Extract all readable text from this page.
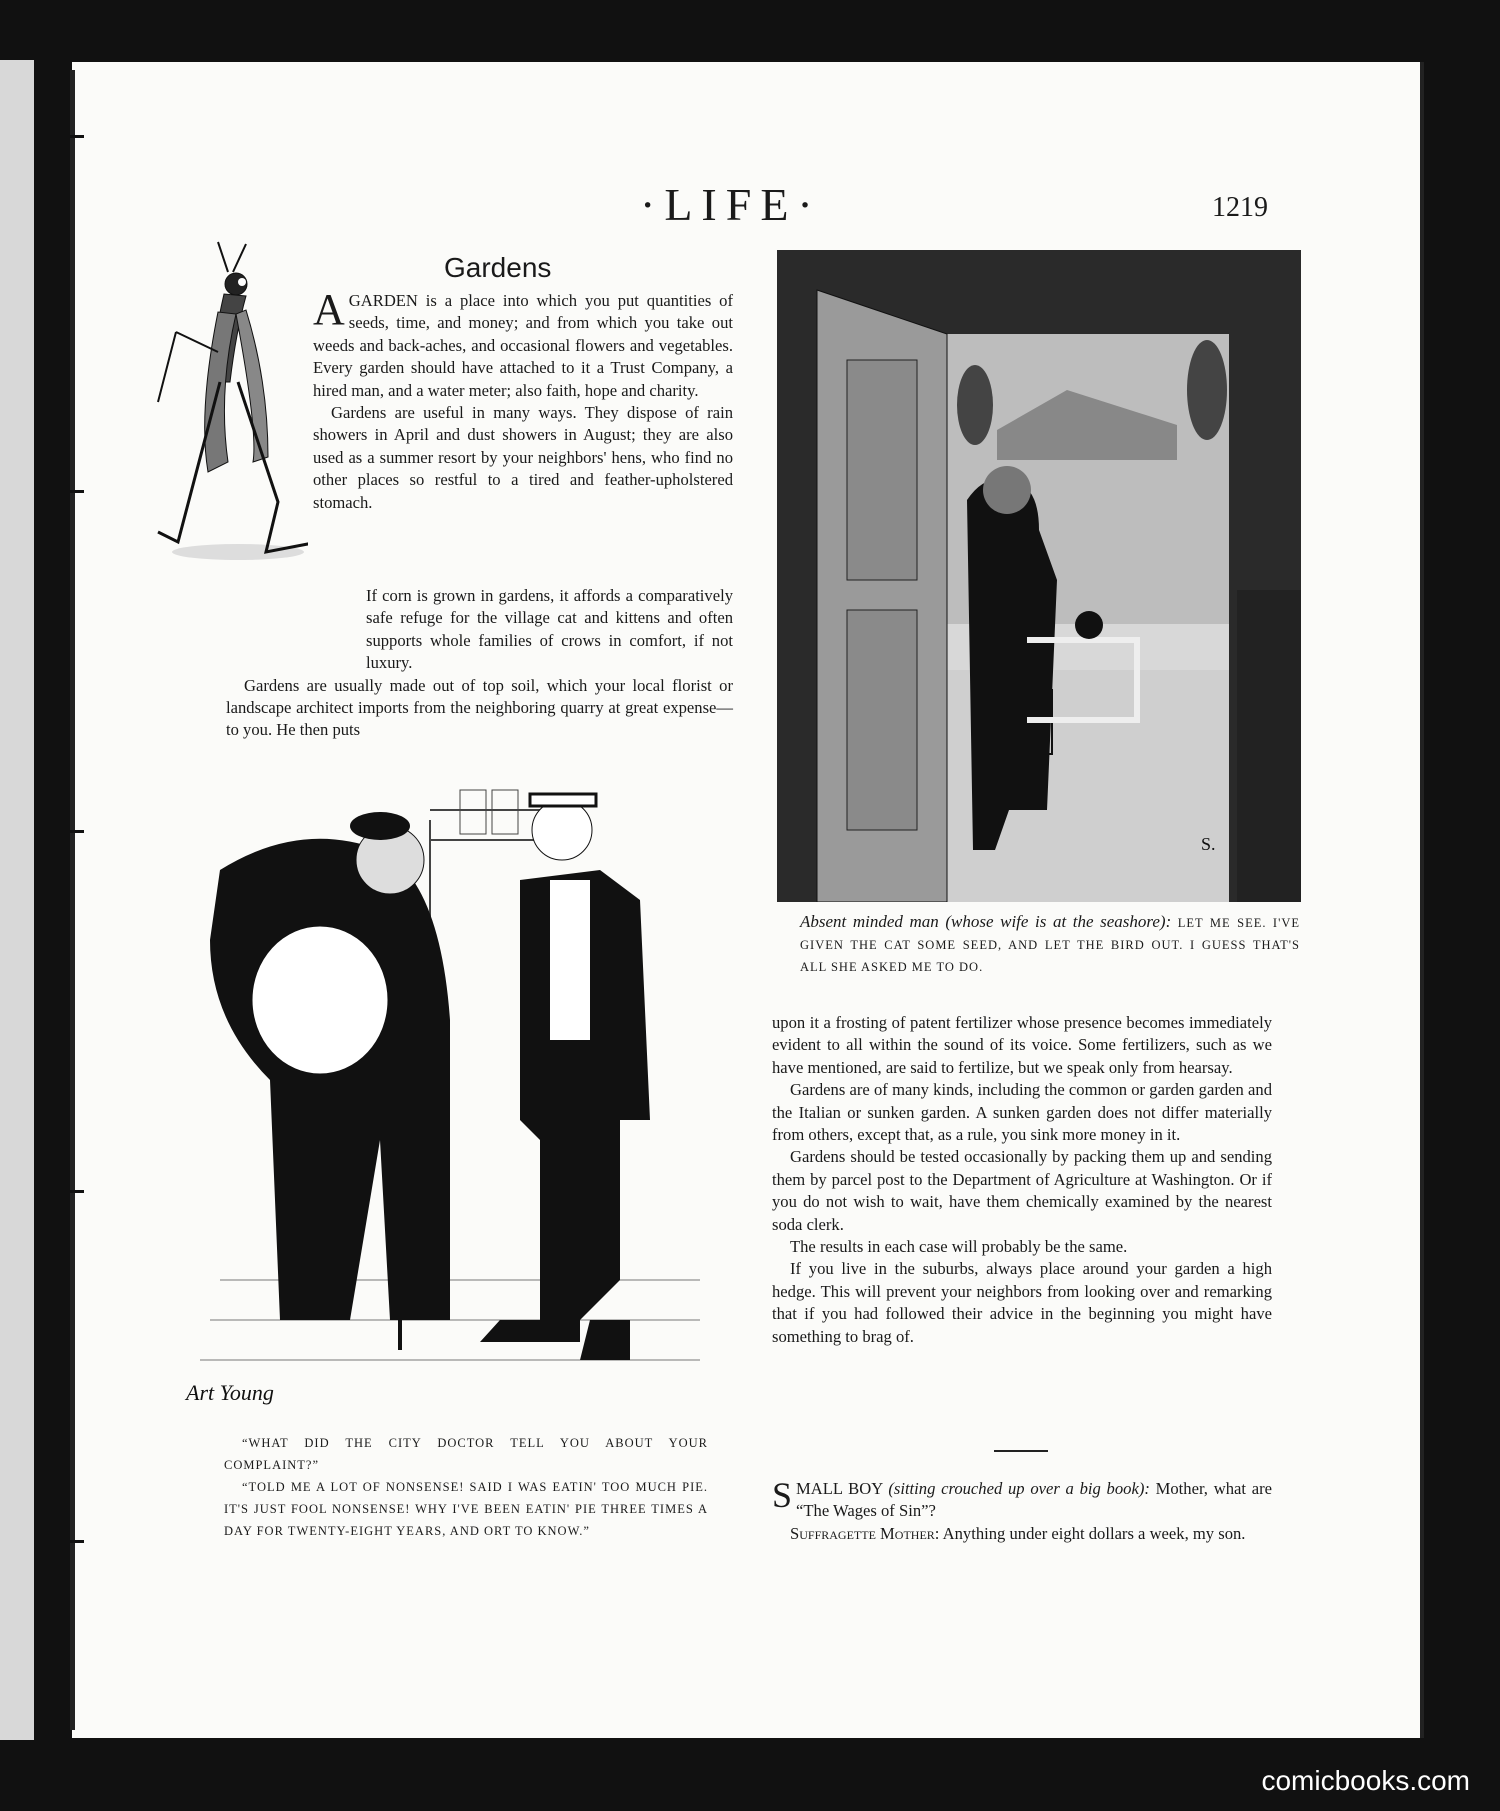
·LIFE·	1219
Gardens

AGARDEN is a place into which you put quantities of seeds, time, and money; and from which you take out weeds and back-aches, and occasional flowers and vegetables. Every garden should have attached to it a Trust Company, a hired man, and a water meter; also faith, hope and charity.

Gardens are useful in many ways. They dispose of rain showers in April and dust showers in August; they are also used as a summer resort by your neighbors' hens, who find no other places so restful to a tired and feather-upholstered stomach.

If corn is grown in gardens, it affords a comparatively safe refuge for the village cat and kittens and often supports whole families of crows in comfort, if not luxury.

Gardens are usually made out of top soil, which your local florist or landscape architect imports from the neighboring quarry at great expense—to you. He then puts

S.
Absent minded man (whose wife is at the seashore): LET ME SEE. I'VE GIVEN THE CAT SOME SEED, AND LET THE BIRD OUT. I GUESS THAT'S ALL SHE ASKED ME TO DO.
Art Young

“WHAT DID THE CITY DOCTOR TELL YOU ABOUT YOUR COMPLAINT?”

“TOLD ME A LOT OF NONSENSE! SAID I WAS EATIN' TOO MUCH PIE. IT'S JUST FOOL NONSENSE! WHY I'VE BEEN EATIN' PIE THREE TIMES A DAY FOR TWENTY-EIGHT YEARS, AND ORT TO KNOW.”

upon it a frosting of patent fertilizer whose presence becomes immediately evident to all within the sound of its voice. Some fertilizers, such as we have mentioned, are said to fertilize, but we speak only from hearsay.

Gardens are of many kinds, including the common or garden garden and the Italian or sunken garden. A sunken garden does not differ materially from others, except that, as a rule, you sink more money in it.

Gardens should be tested occasionally by packing them up and sending them by parcel post to the Department of Agriculture at Washington. Or if you do not wish to wait, have them chemically examined by the nearest soda clerk.

The results in each case will probably be the same.

If you live in the suburbs, always place around your garden a high hedge. This will prevent your neighbors from looking over and remarking that if you had followed their advice in the beginning you might have something to brag of.

SMALL BOY (sitting crouched up over a big book): Mother, what are “The Wages of Sin”?

Suffragette Mother: Anything under eight dollars a week, my son.

comicbooks.com
